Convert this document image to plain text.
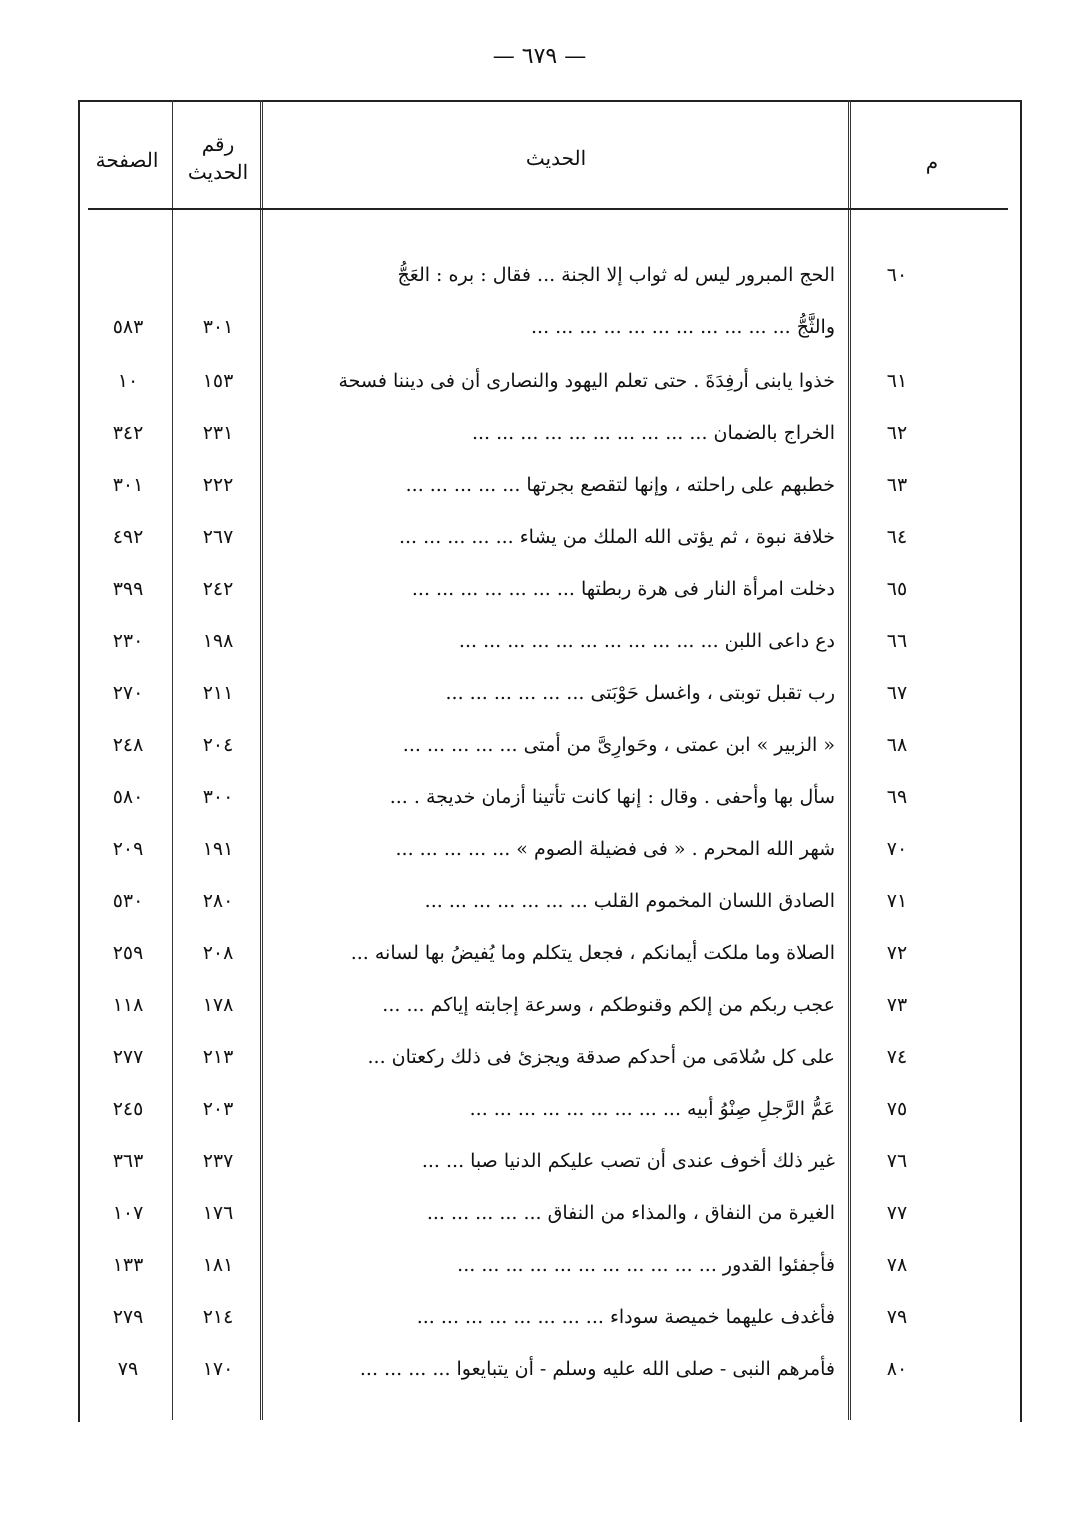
— ٦٧٩ —
م
الحديث
رقم الحديث
الصفحة
٦٠
الحج المبرور ليس له ثواب إلا الجنة ... فقال : بره : العَجُّ
والثَّجُّ ... ... ... ... ... ... ... ... ... ... ...
٣٠١
٥٨٣
٦١
خذوا يابنى أرفِدَةَ . حتى تعلم اليهود والنصارى أن فى ديننا فسحة
١٥٣
١٠
٦٢
الخراج بالضمان ... ... ... ... ... ... ... ... ... ...
٢٣١
٣٤٢
٦٣
خطبهم على راحلته ، وإنها لتقصع بجرتها ... ... ... ... ...
٢٢٢
٣٠١
٦٤
خلافة نبوة ، ثم يؤتى الله الملك من يشاء ... ... ... ... ...
٢٦٧
٤٩٢
٦٥
دخلت امرأة النار فى هرة ربطتها ... ... ... ... ... ... ...
٢٤٢
٣٩٩
٦٦
دع داعى اللبن ... ... ... ... ... ... ... ... ... ... ...
١٩٨
٢٣٠
٦٧
رب تقبل توبتى ، واغسل حَوْبَتى ... ... ... ... ... ...
٢١١
٢٧٠
٦٨
« الزبير » ابن عمتى ، وحَوارِىَّ من أمتى ... ... ... ... ...
٢٠٤
٢٤٨
٦٩
سأل بها وأحفى . وقال : إنها كانت تأتينا أزمان خديجة . ...
٣٠٠
٥٨٠
٧٠
شهر الله المحرم . « فى فضيلة الصوم » ... ... ... ... ...
١٩١
٢٠٩
٧١
الصادق اللسان المخموم القلب ... ... ... ... ... ... ...
٢٨٠
٥٣٠
٧٢
الصلاة وما ملكت أيمانكم ، فجعل يتكلم وما يُفيضُ بها لسانه ...
٢٠٨
٢٥٩
٧٣
عجب ربكم من إلكم وقنوطكم ، وسرعة إجابته إياكم ... ...
١٧٨
١١٨
٧٤
على كل سُلامَى من أحدكم صدقة ويجزئ فى ذلك ركعتان ...
٢١٣
٢٧٧
٧٥
عَمُّ الرَّجلِ صِنْوُ أبيه ... ... ... ... ... ... ... ... ...
٢٠٣
٢٤٥
٧٦
غير ذلك أخوف عندى أن تصب عليكم الدنيا صبا ... ...
٢٣٧
٣٦٣
٧٧
الغيرة من النفاق ، والمذاء من النفاق ... ... ... ... ...
١٧٦
١٠٧
٧٨
فأجفئوا القدور ... ... ... ... ... ... ... ... ... ... ...
١٨١
١٣٣
٧٩
فأغدف عليهما خميصة سوداء ... ... ... ... ... ... ... ...
٢١٤
٢٧٩
٨٠
فأمرهم النبى - صلى الله عليه وسلم - أن يتبايعوا ... ... ... ...
١٧٠
٧٩
